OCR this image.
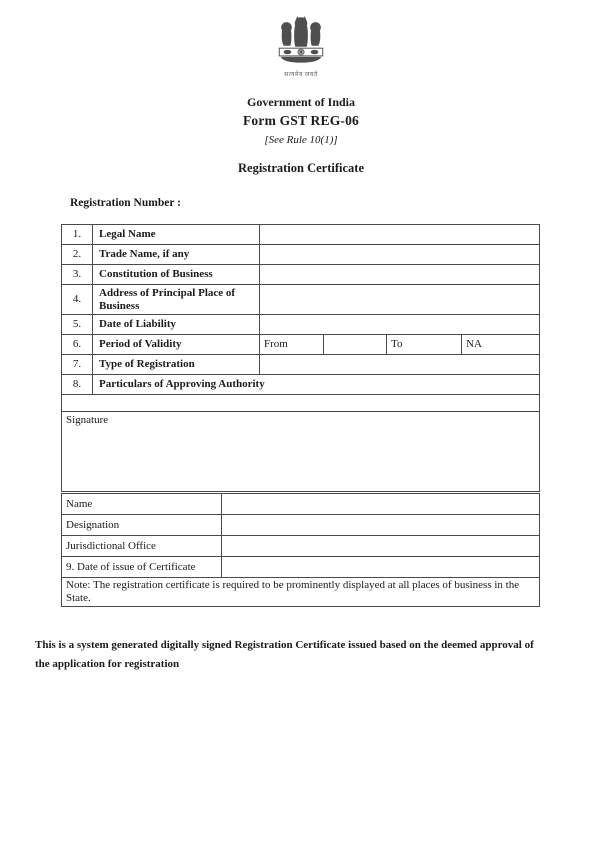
सत्यमेव जयते
Government of India
Form GST REG-06
[See Rule 10(1)]
Registration Certificate
Registration Number :
1.	Legal Name				
2.	Trade Name, if any				
3.	Constitution of Business				
4.	Address of Principal Place of Business				
5.	Date of Liability				
6.	Period of Validity	From		To	NA
7.	Type of Registration				
8.	Particulars of Approving Authority				

Signature					
Name	
Designation	
Jurisdictional Office	
9. Date of issue of Certificate	
Note: The registration certificate is required to be prominently displayed at all places of business in the State.	
This is a system generated digitally signed Registration Certificate issued based on the deemed approval of the application for registration
